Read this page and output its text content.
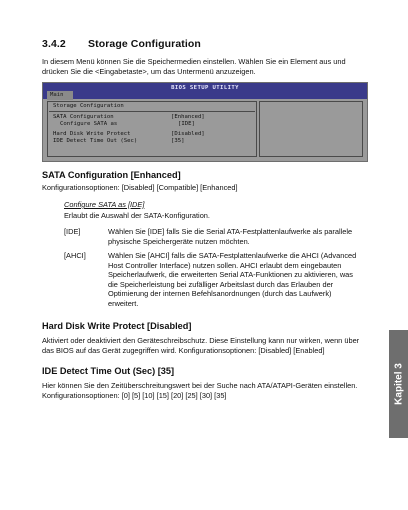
3.4.2 Storage Configuration
In diesem Menü können Sie die Speichermedien einstellen. Wählen Sie ein Element aus und drücken Sie die <Eingabetaste>, um das Untermenü anzuzeigen.
BIOS SETUP UTILITY
Main
Storage Configuration
SATA Configuration	[Enhanced]
Configure SATA as	[IDE]
Hard Disk Write Protect	[Disabled]
IDE Detect Time Out (Sec)	[35]
SATA Configuration [Enhanced]
Konfigurationsoptionen: [Disabled] [Compatible] [Enhanced]
Configure SATA as [IDE]
Erlaubt die Auswahl der SATA-Konfiguration.
[IDE]	Wählen Sie [IDE] falls Sie die Serial ATA-Festplattenlaufwerke als parallele physische Speichergeräte nutzen möchten.
[AHCI]	Wählen Sie [AHCI] falls die SATA-Festplattenlaufwerke die AHCI (Advanced Host Controller Interface) nutzen sollen. AHCI erlaubt dem eingebauten Speicherlaufwerk, die erweiterten Serial ATA-Funktionen zu aktivieren, was die Speicherleistung bei zufälliger Arbeitslast durch das Erlauben der Optimierung der internen Befehlsanordnungen (durch das Laufwerk) erweitert.
Hard Disk Write Protect [Disabled]
Aktiviert oder deaktiviert den Geräteschreibschutz. Diese Einstellung kann nur wirken, wenn über das BIOS auf das Gerät zugegriffen wird. Konfigurationsoptionen: [Disabled] [Enabled]
IDE Detect Time Out (Sec) [35]
Hier können Sie den Zeitüberschreitungswert bei der Suche nach ATA/ATAPI-Geräten einstellen. Konfigurationsoptionen: [0] [5] [10] [15] [20] [25] [30] [35]	Kapitel 3
